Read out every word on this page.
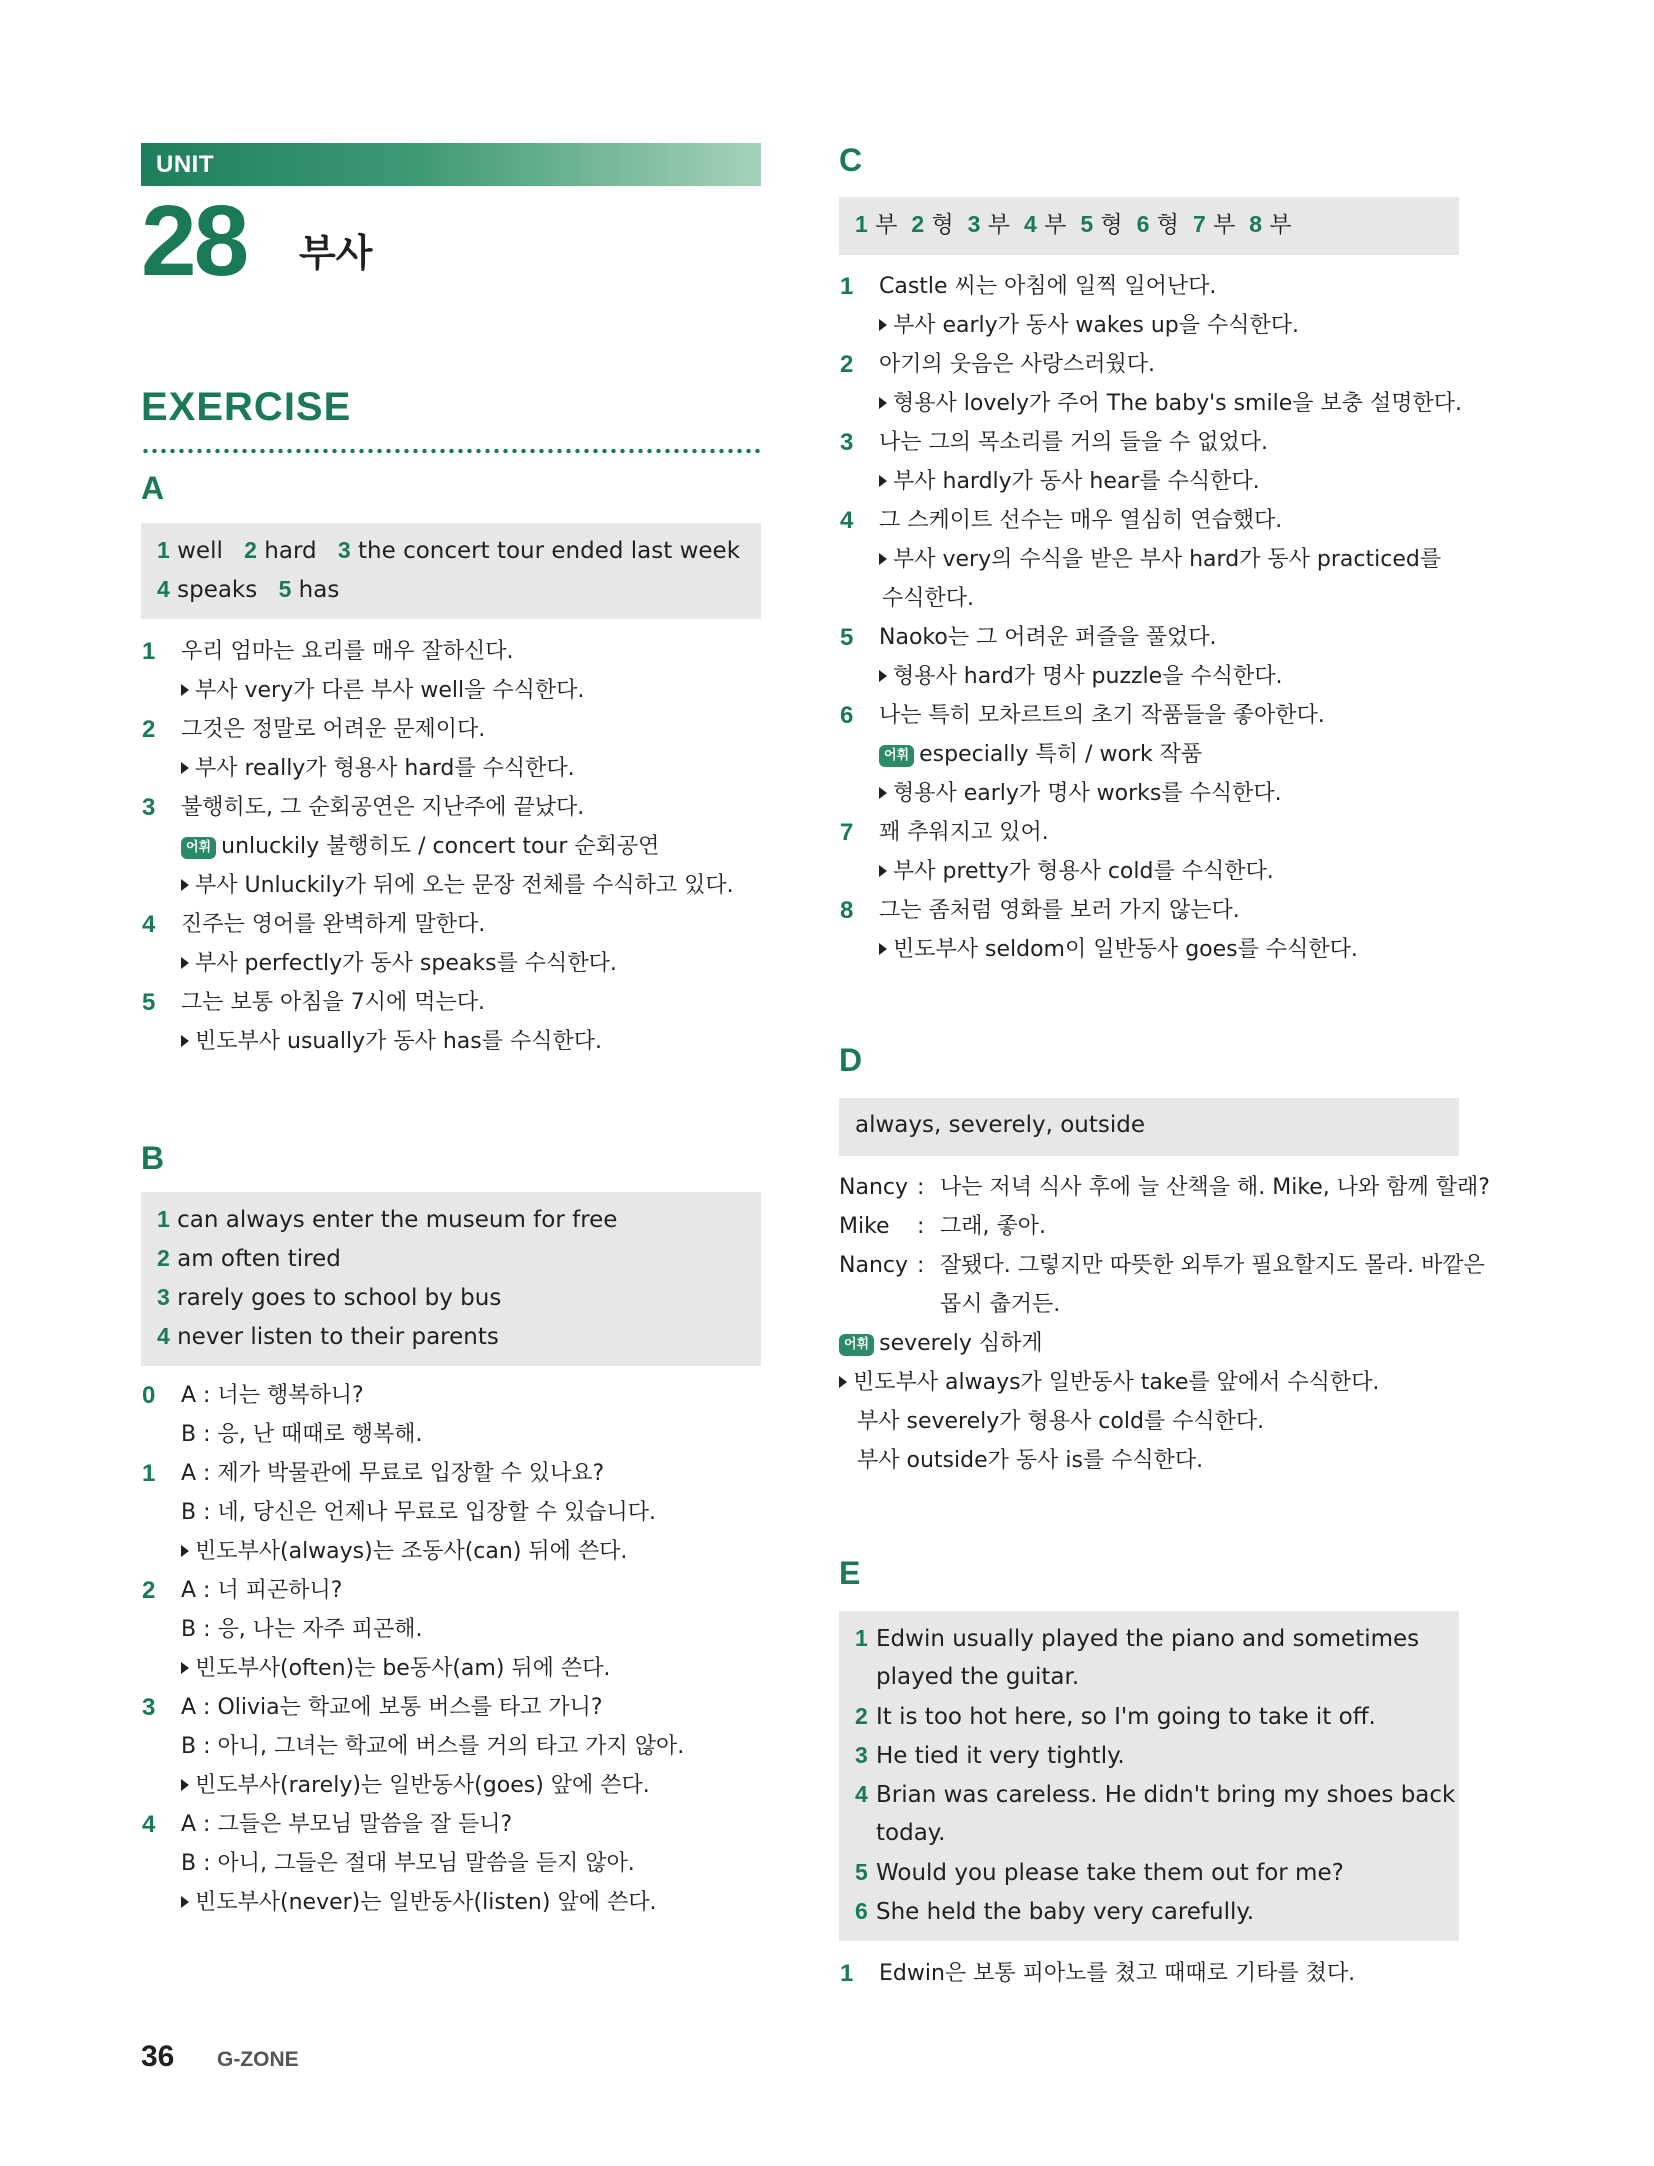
UNIT
28 부사
EXERCISE
A
1 well 2 hard 3 the concert tour ended last week
4 speaks 5 has
1 우리 엄마는 요리를 매우 잘하신다.
부사 very가 다른 부사 well을 수식한다.
2 그것은 정말로 어려운 문제이다.
부사 really가 형용사 hard를 수식한다.
3 불행히도, 그 순회공연은 지난주에 끝났다.
어휘 unluckily 불행히도 / concert tour 순회공연
부사 Unluckily가 뒤에 오는 문장 전체를 수식하고 있다.
4 진주는 영어를 완벽하게 말한다.
부사 perfectly가 동사 speaks를 수식한다.
5 그는 보통 아침을 7시에 먹는다.
빈도부사 usually가 동사 has를 수식한다.
B
1 can always enter the museum for free
2 am often tired
3 rarely goes to school by bus
4 never listen to their parents
0 A : 너는 행복하니?
B : 응, 난 때때로 행복해.
1 A : 제가 박물관에 무료로 입장할 수 있나요?
B : 네, 당신은 언제나 무료로 입장할 수 있습니다.
빈도부사(always)는 조동사(can) 뒤에 쓴다.
2 A : 너 피곤하니?
B : 응, 나는 자주 피곤해.
빈도부사(often)는 be동사(am) 뒤에 쓴다.
3 A : Olivia는 학교에 보통 버스를 타고 가니?
B : 아니, 그녀는 학교에 버스를 거의 타고 가지 않아.
빈도부사(rarely)는 일반동사(goes) 앞에 쓴다.
4 A : 그들은 부모님 말씀을 잘 듣니?
B : 아니, 그들은 절대 부모님 말씀을 듣지 않아.
빈도부사(never)는 일반동사(listen) 앞에 쓴다.
C
1 부 2 형 3 부 4 부 5 형 6 형 7 부 8 부
1 Castle 씨는 아침에 일찍 일어난다.
부사 early가 동사 wakes up을 수식한다.
2 아기의 웃음은 사랑스러웠다.
형용사 lovely가 주어 The baby's smile을 보충 설명한다.
3 나는 그의 목소리를 거의 들을 수 없었다.
부사 hardly가 동사 hear를 수식한다.
4 그 스케이트 선수는 매우 열심히 연습했다.
부사 very의 수식을 받은 부사 hard가 동사 practiced를
수식한다.
5 Naoko는 그 어려운 퍼즐을 풀었다.
형용사 hard가 명사 puzzle을 수식한다.
6 나는 특히 모차르트의 초기 작품들을 좋아한다.
어휘 especially 특히 / work 작품
형용사 early가 명사 works를 수식한다.
7 꽤 추워지고 있어.
부사 pretty가 형용사 cold를 수식한다.
8 그는 좀처럼 영화를 보러 가지 않는다.
빈도부사 seldom이 일반동사 goes를 수식한다.
D
always, severely, outside
Nancy : 나는 저녁 식사 후에 늘 산책을 해. Mike, 나와 함께 할래?
Mike : 그래, 좋아.
Nancy : 잘됐다. 그렇지만 따뜻한 외투가 필요할지도 몰라. 바깥은
몹시 춥거든.
어휘 severely 심하게
빈도부사 always가 일반동사 take를 앞에서 수식한다.
부사 severely가 형용사 cold를 수식한다.
부사 outside가 동사 is를 수식한다.
E
1 Edwin usually played the piano and sometimes
played the guitar.
2 It is too hot here, so I'm going to take it off.
3 He tied it very tightly.
4 Brian was careless. He didn't bring my shoes back
today.
5 Would you please take them out for me?
6 She held the baby very carefully.
1 Edwin은 보통 피아노를 쳤고 때때로 기타를 쳤다.
36 G-ZONE
